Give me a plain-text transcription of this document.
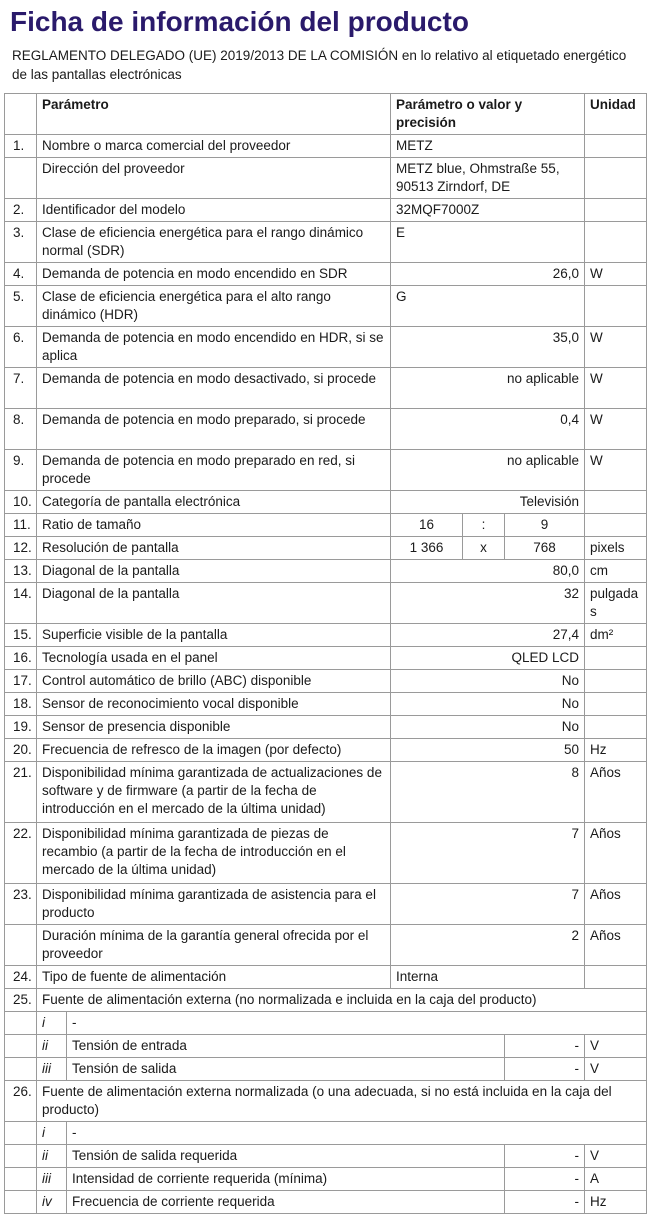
Ficha de información del producto
REGLAMENTO DELEGADO (UE) 2019/2013 DE LA COMISIÓN en lo relativo al etiquetado energético de las pantallas electrónicas
	Parámetro		Parámetro o valor y precisión			Unidad
1.	Nombre o marca comercial del proveedor		METZ			
	Dirección del proveedor		METZ blue, Ohmstraße 55, 90513 Zirndorf, DE			
2.	Identificador del modelo		32MQF7000Z			
3.	Clase de eficiencia energética para el rango dinámico normal (SDR)		E			
4.	Demanda de potencia en modo encendido en SDR		26,0			W
5.	Clase de eficiencia energética para el alto rango dinámico (HDR)		G			
6.	Demanda de potencia en modo encendido en HDR, si se aplica		35,0			W
7.	Demanda de potencia en modo desactivado, si procede		no aplicable			W
8.	Demanda de potencia en modo preparado, si procede		0,4			W
9.	Demanda de potencia en modo preparado en red, si procede		no aplicable			W
10.	Categoría de pantalla electrónica		Televisión			
11.	Ratio de tamaño		16	:	9	
12.	Resolución de pantalla		1 366	x	768	pixels
13.	Diagonal de la pantalla		80,0			cm
14.	Diagonal de la pantalla		32			pulgadas
15.	Superficie visible de la pantalla		27,4			dm²
16.	Tecnología usada en el panel		QLED LCD			
17.	Control automático de brillo (ABC) disponible		No			
18.	Sensor de reconocimiento vocal disponible		No			
19.	Sensor de presencia disponible		No			
20.	Frecuencia de refresco de la imagen (por defecto)		50			Hz
21.	Disponibilidad mínima garantizada de actualizaciones de software y de firmware (a partir de la fecha de introducción en el mercado de la última unidad)		8			Años
22.	Disponibilidad mínima garantizada de piezas de recambio (a partir de la fecha de introducción en el mercado de la última unidad)		7			Años
23.	Disponibilidad mínima garantizada de asistencia para el producto		7			Años
	Duración mínima de la garantía general ofrecida por el proveedor		2			Años
24.	Tipo de fuente de alimentación		Interna			
25.	Fuente de alimentación externa (no normalizada e incluida en la caja del producto)					
	i	-				
	ii	Tensión de entrada			-	V
	iii	Tensión de salida			-	V
26.	Fuente de alimentación externa normalizada (o una adecuada, si no está incluida en la caja del producto)					
	i	-				
	ii	Tensión de salida requerida			-	V
	iii	Intensidad de corriente requerida (mínima)			-	A
	iv	Frecuencia de corriente requerida			-	Hz
